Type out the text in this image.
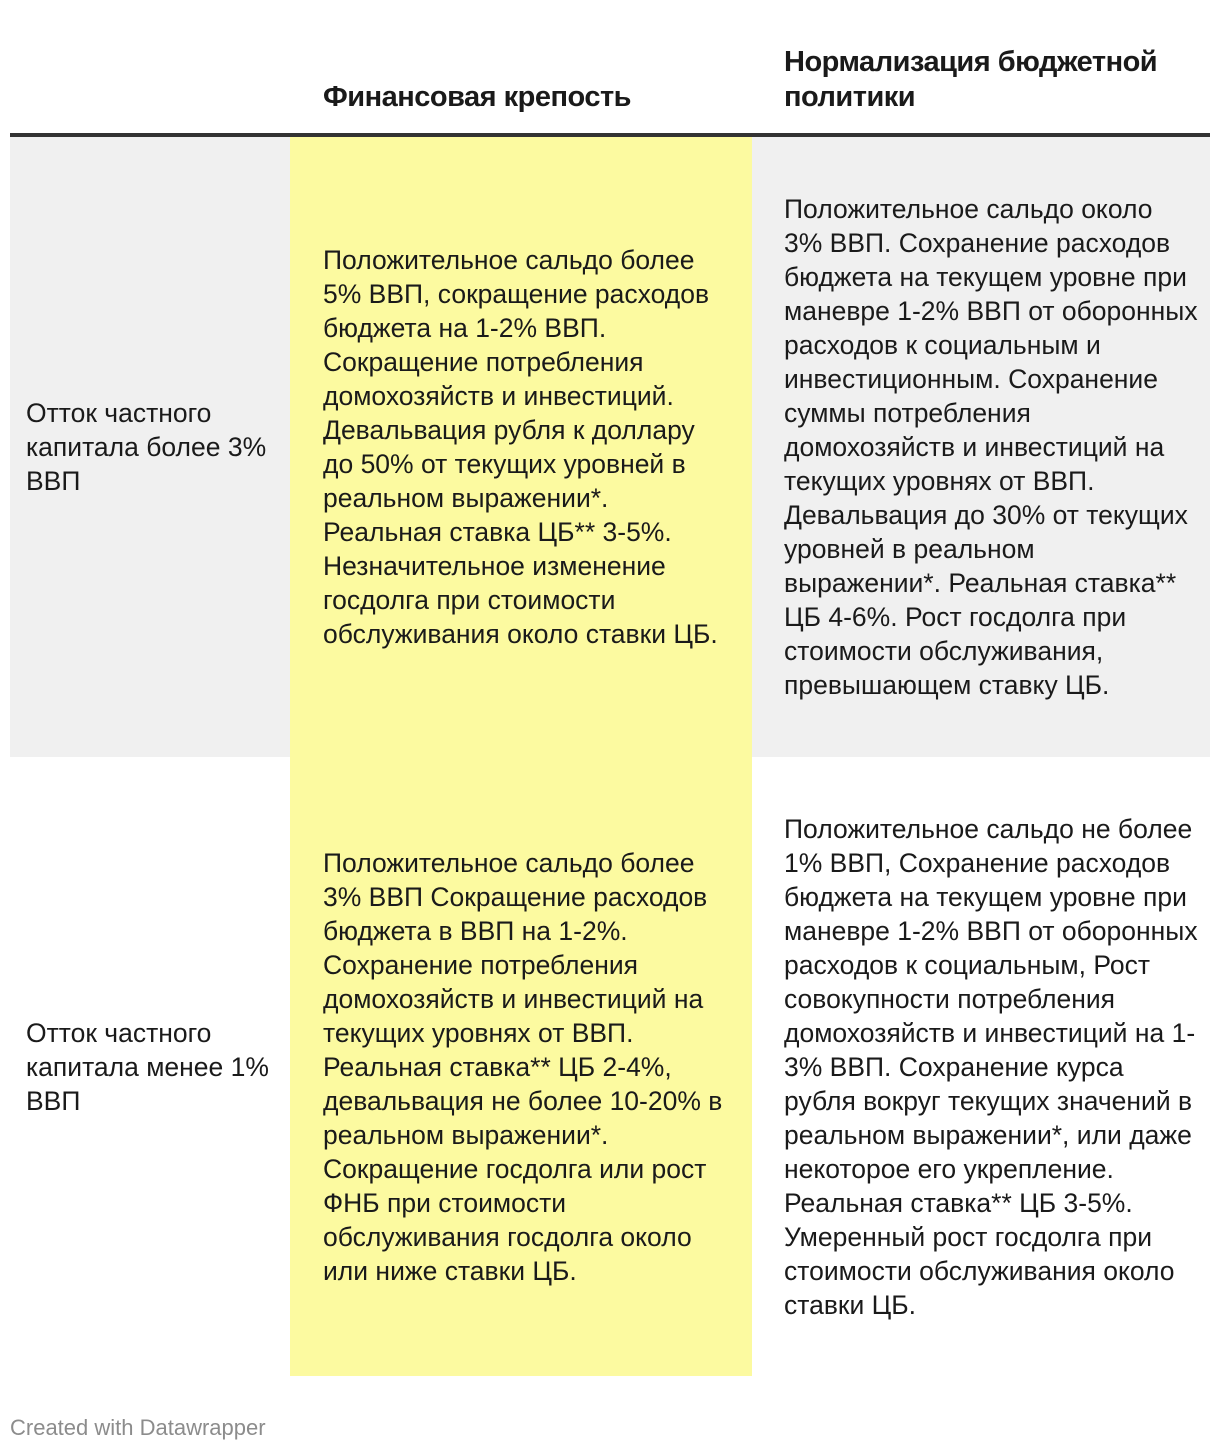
Финансовая крепость
Нормализация бюджетной политики
Отток частного капитала более 3% ВВП
Положительное сальдо более 5% ВВП, сокращение расходов бюджета на 1-2% ВВП. Сокращение потребления домохозяйств и инвестиций. Девальвация рубля к доллару до 50% от текущих уровней в реальном выражении*. Реальная ставка ЦБ** 3-5%. Незначительное изменение госдолга при стоимости обслуживания около ставки ЦБ.
Положительное сальдо около 3% ВВП. Сохранение расходов бюджета на текущем уровне при маневре 1-2% ВВП от оборонных расходов к социальным и инвестиционным. Сохранение суммы потребления домохозяйств и инвестиций на текущих уровнях от ВВП. Девальвация до 30% от текущих уровней в реальном выражении*. Реальная ставка** ЦБ 4-6%. Рост госдолга при стоимости обслуживания, превышающем ставку ЦБ.
Отток частного капитала менее 1% ВВП
Положительное сальдо более 3% ВВП Сокращение расходов бюджета в ВВП на 1-2%. Сохранение потребления домохозяйств и инвестиций на текущих уровнях от ВВП. Реальная ставка** ЦБ 2-4%, девальвация не более 10-20% в реальном выражении*. Сокращение госдолга или рост ФНБ при стоимости обслуживания госдолга около или ниже ставки ЦБ.
Положительное сальдо не более 1% ВВП, Сохранение расходов бюджета на текущем уровне при маневре 1-2% ВВП от оборонных расходов к социальным, Рост совокупности потребления домохозяйств и инвестиций на 1-3% ВВП. Сохранение курса рубля вокруг текущих значений в реальном выражении*, или даже некоторое его укрепление. Реальная ставка** ЦБ 3-5%. Умеренный рост госдолга при стоимости обслуживания около ставки ЦБ.
Created with Datawrapper
